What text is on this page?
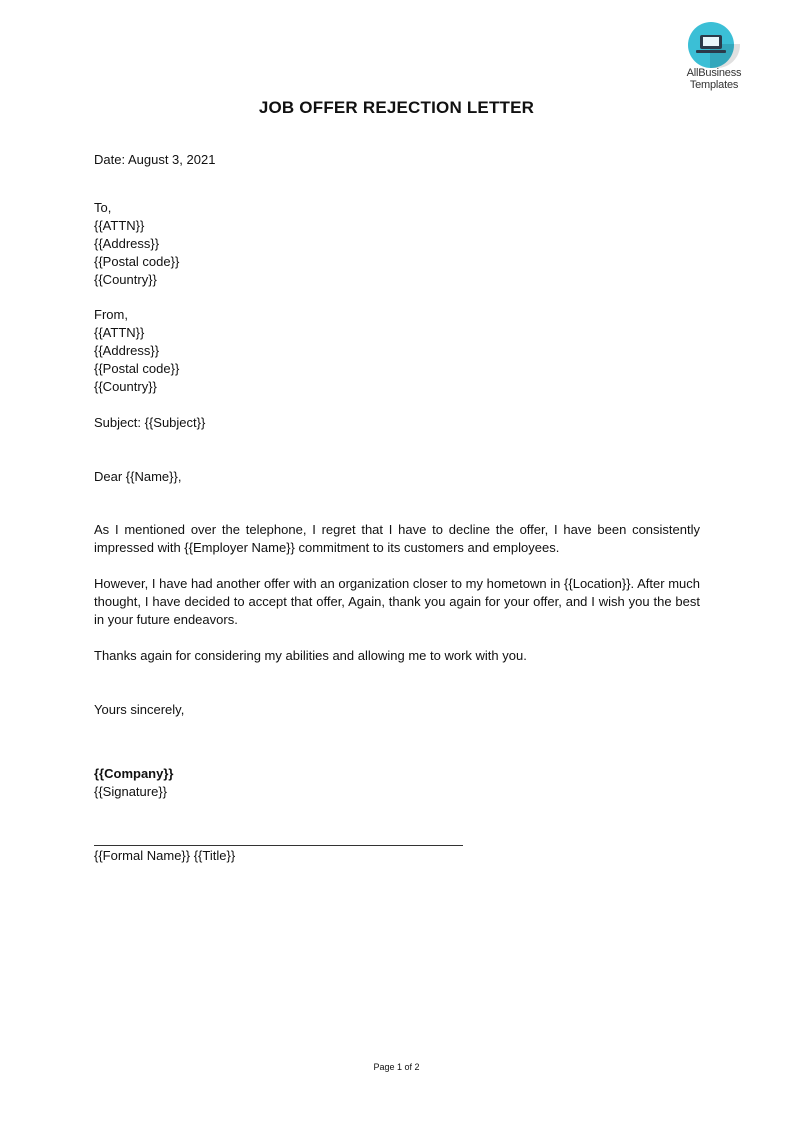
AllBusiness
Templates
JOB OFFER REJECTION LETTER
Date: August 3, 2021
To,
{{ATTN}}
{{Address}}
{{Postal code}}
{{Country}}
From,
{{ATTN}}
{{Address}}
{{Postal code}}
{{Country}}
Subject: {{Subject}}
Dear {{Name}},
As I mentioned over the telephone, I regret that I have to decline the offer, I have been consistently impressed with {{Employer Name}} commitment to its customers and employees.
However, I have had another offer with an organization closer to my hometown in {{Location}}. After much thought, I have decided to accept that offer, Again, thank you again for your offer, and I wish you the best in your future endeavors.
Thanks again for considering my abilities and allowing me to work with you.
Yours sincerely,
{{Company}}
{{Signature}}
{{Formal Name}} {{Title}}
Page 1 of 2
